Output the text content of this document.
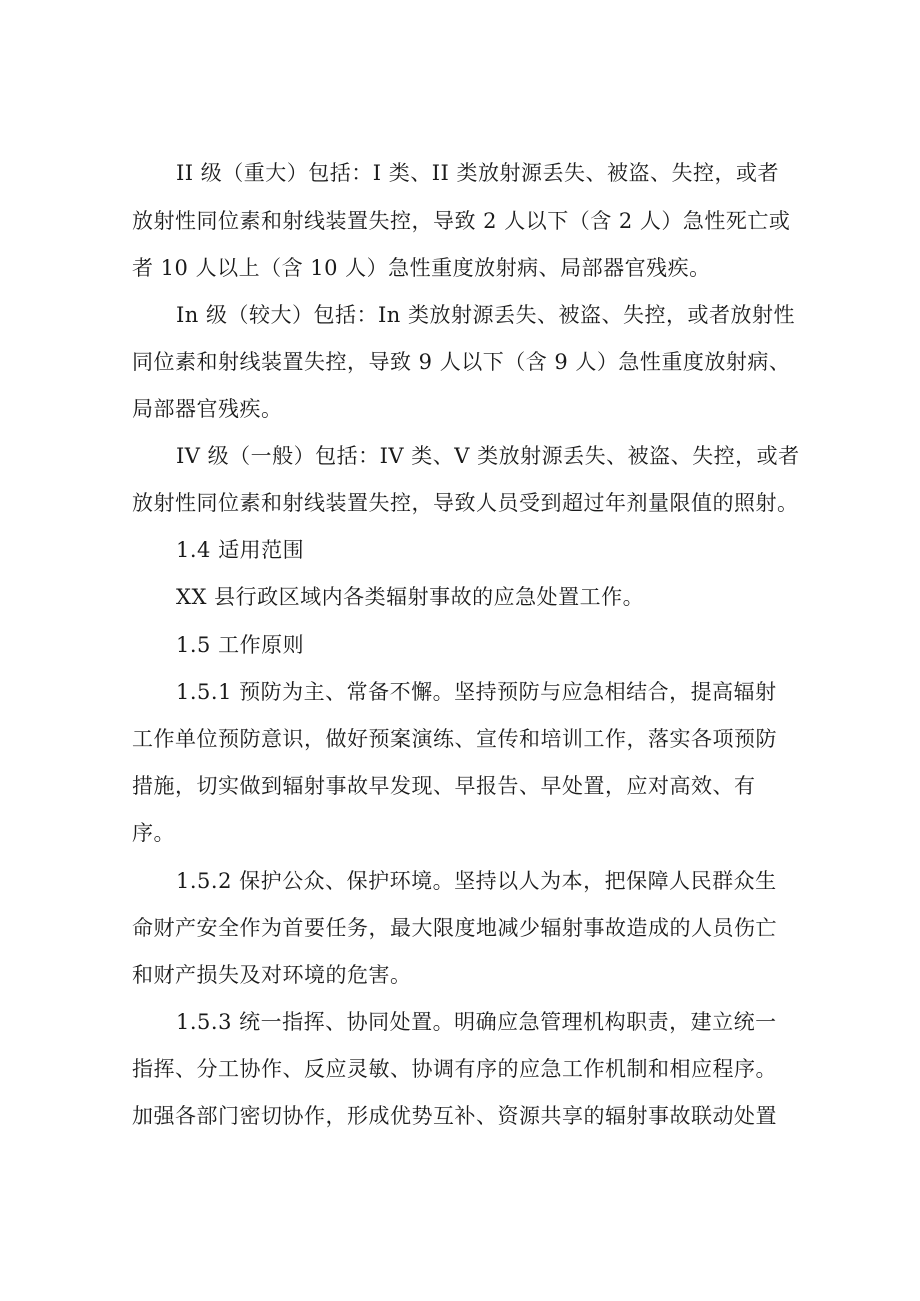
II 级（重大）包括：I 类、II 类放射源丢失、被盗、失控，或者

放射性同位素和射线装置失控，导致 2 人以下（含 2 人）急性死亡或

者 10 人以上（含 10 人）急性重度放射病、局部器官残疾。

In 级（较大）包括：In 类放射源丢失、被盗、失控，或者放射性

同位素和射线装置失控，导致 9 人以下（含 9 人）急性重度放射病、

局部器官残疾。

IV 级（一般）包括：IV 类、V 类放射源丢失、被盗、失控，或者

放射性同位素和射线装置失控，导致人员受到超过年剂量限值的照射。

1.4 适用范围

XX 县行政区域内各类辐射事故的应急处置工作。

1.5 工作原则

1.5.1 预防为主、常备不懈。坚持预防与应急相结合，提高辐射

工作单位预防意识，做好预案演练、宣传和培训工作，落实各项预防

措施，切实做到辐射事故早发现、早报告、早处置，应对高效、有

序。

1.5.2 保护公众、保护环境。坚持以人为本，把保障人民群众生

命财产安全作为首要任务，最大限度地减少辐射事故造成的人员伤亡

和财产损失及对环境的危害。

1.5.3 统一指挥、协同处置。明确应急管理机构职责，建立统一

指挥、分工协作、反应灵敏、协调有序的应急工作机制和相应程序。

加强各部门密切协作，形成优势互补、资源共享的辐射事故联动处置
